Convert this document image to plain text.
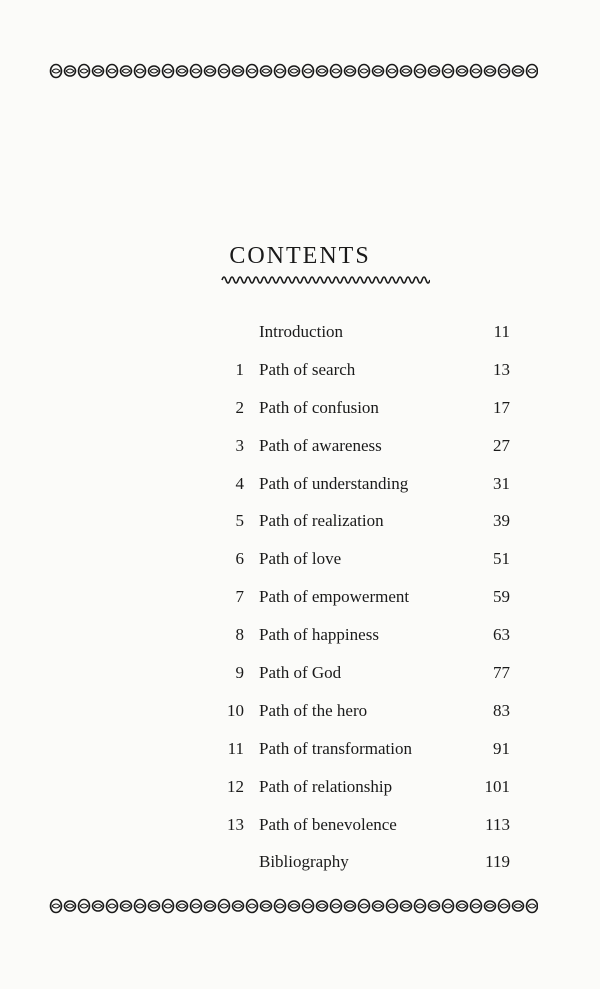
CONTENTS
Introduction	11
1 Path of search	13
2 Path of confusion	17
3 Path of awareness	27
4 Path of understanding	31
5 Path of realization	39
6 Path of love	51
7 Path of empowerment	59
8 Path of happiness	63
9 Path of God	77
10 Path of the hero	83
11 Path of transformation	91
12 Path of relationship	101
13 Path of benevolence	113
Bibliography	119
